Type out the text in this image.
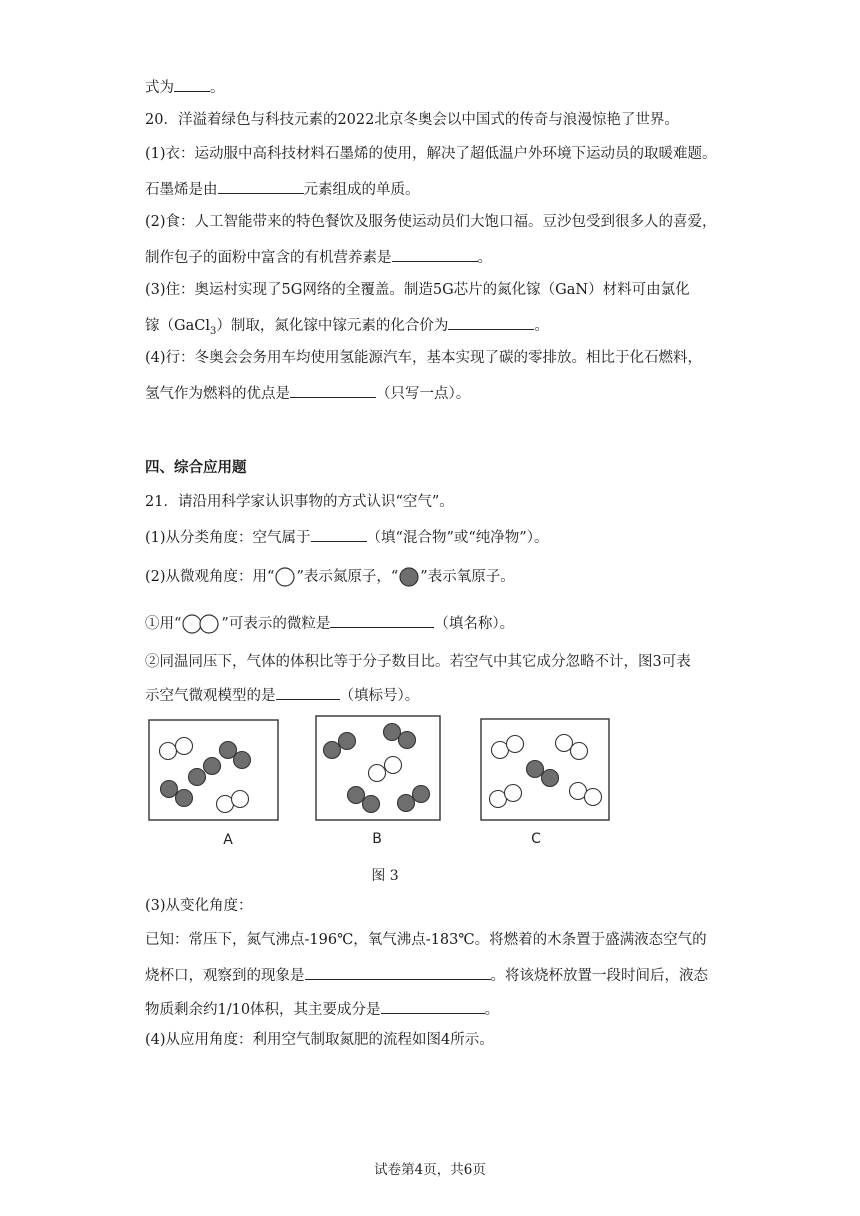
式为 。
20．洋溢着绿色与科技元素的2022北京冬奥会以中国式的传奇与浪漫惊艳了世界。
(1)衣：运动服中高科技材料石墨烯的使用，解决了超低温户外环境下运动员的取暖难题。
石墨烯是由	元素组成的单质。
(2)食：人工智能带来的特色餐饮及服务使运动员们大饱口福。豆沙包受到很多人的喜爱，
制作包子的面粉中富含的有机营养素是	。
(3)住：奥运村实现了5G网络的全覆盖。制造5G芯片的氮化镓（GaN）材料可由氯化
镓（GaCl$_3$）制取，氮化镓中镓元素的化合价为	。
(4)行：冬奥会会务用车均使用氢能源汽车，基本实现了碳的零排放。相比于化石燃料，
氢气作为燃料的优点是	（只写一点）。
四、综合应用题
21．请沿用科学家认识事物的方式认识“空气”。
(1)从分类角度：空气属于	（填“混合物”或“纯净物”）。
(2)从微观角度：用“ ”表示氮原子，“ ”表示氧原子。
①用“	”可表示的微粒是	（填名称）。
②同温同压下，气体的体积比等于分子数目比。若空气中其它成分忽略不计，图3可表
示空气微观模型的是	（填标号）。
A	B	C
图 3
(3)从变化角度：
已知：常压下，氮气沸点-196℃，氧气沸点-183℃。将燃着的木条置于盛满液态空气的
烧杯口，观察到的现象是	。将该烧杯放置一段时间后，液态
物质剩余约1/10体积，其主要成分是	。
(4)从应用角度：利用空气制取氮肥的流程如图4所示。
试卷第4页，共6页
